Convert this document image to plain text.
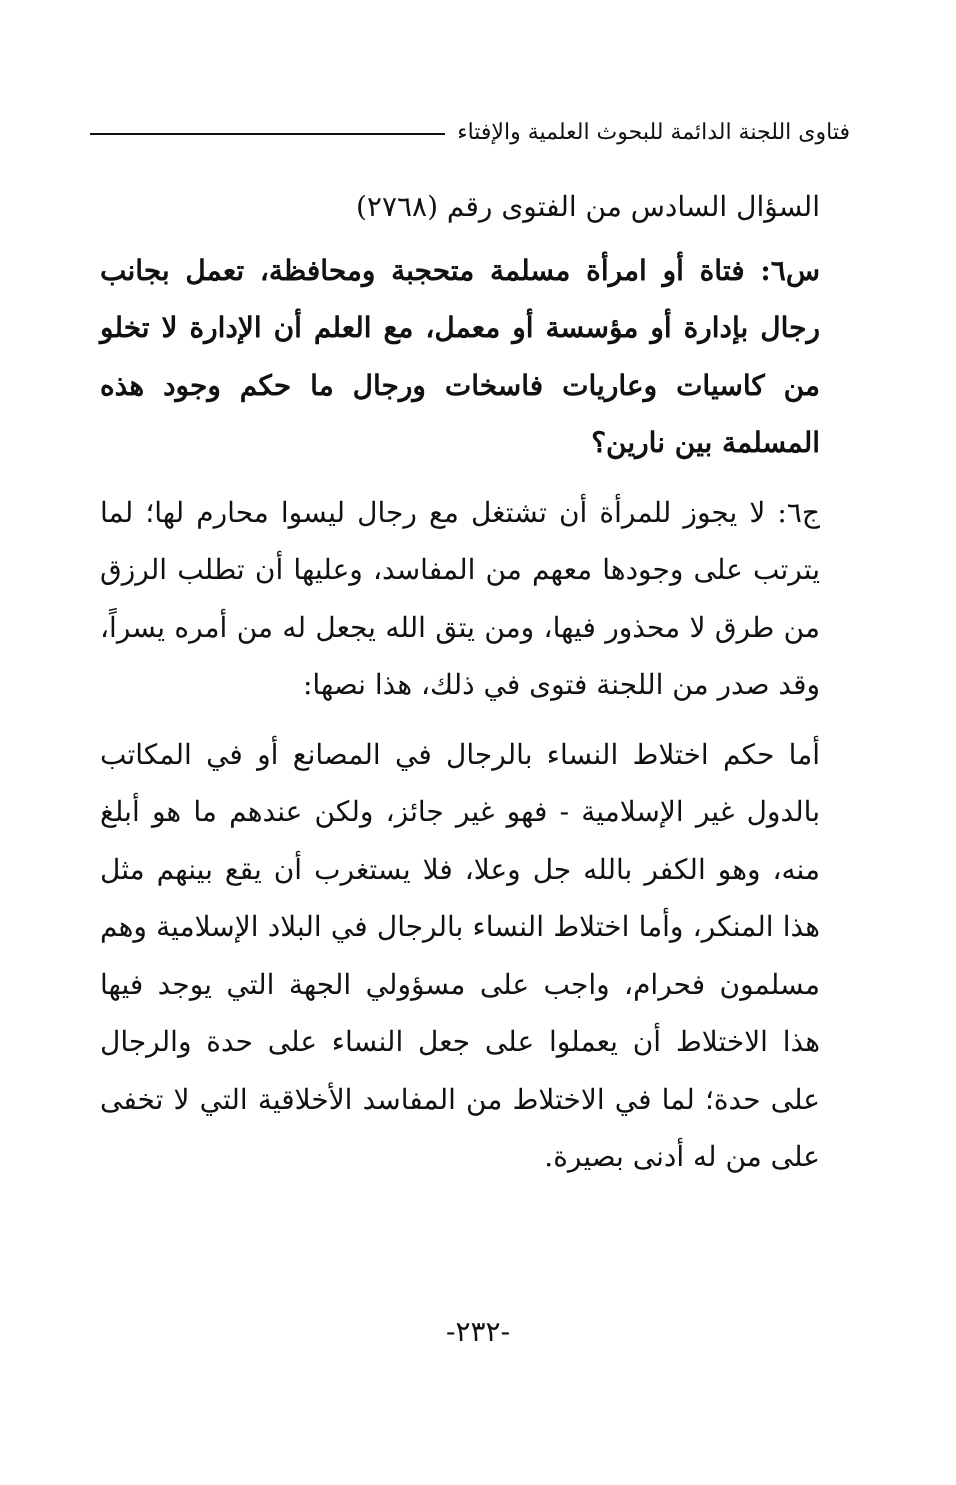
فتاوى اللجنة الدائمة للبحوث العلمية والإفتاء

السؤال السادس من الفتوى رقم (٢٧٦٨)

س٦: فتاة أو امرأة مسلمة متحجبة ومحافظة، تعمل بجانب رجال بإدارة أو مؤسسة أو معمل، مع العلم أن الإدارة لا تخلو من كاسيات وعاريات فاسخات ورجال ما حكم وجود هذه المسلمة بين نارين؟

ج٦: لا يجوز للمرأة أن تشتغل مع رجال ليسوا محارم لها؛ لما يترتب على وجودها معهم من المفاسد، وعليها أن تطلب الرزق من طرق لا محذور فيها، ومن يتق الله يجعل له من أمره يسراً، وقد صدر من اللجنة فتوى في ذلك، هذا نصها:

أما حكم اختلاط النساء بالرجال في المصانع أو في المكاتب بالدول غير الإسلامية - فهو غير جائز، ولكن عندهم ما هو أبلغ منه، وهو الكفر بالله جل وعلا، فلا يستغرب أن يقع بينهم مثل هذا المنكر، وأما اختلاط النساء بالرجال في البلاد الإسلامية وهم مسلمون فحرام، واجب على مسؤولي الجهة التي يوجد فيها هذا الاختلاط أن يعملوا على جعل النساء على حدة والرجال على حدة؛ لما في الاختلاط من المفاسد الأخلاقية التي لا تخفى على من له أدنى بصيرة.

-٢٣٢-
